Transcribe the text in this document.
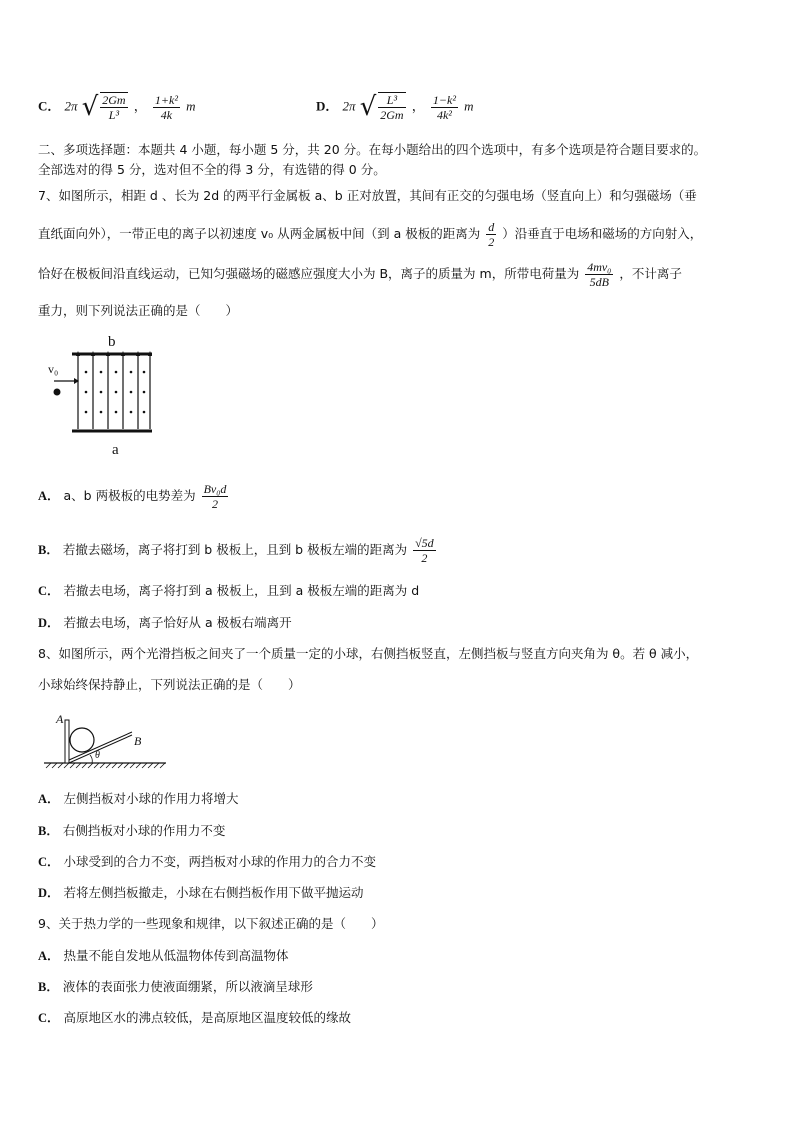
C． 2π √ $\frac{2Gm}{\text{L³}}$ ， $\frac{\text{1+k²}}{4k}$ m	D． 2π √ $\frac{\text{L³}}{2Gm}$ ， $\frac{\text{1−k²}}{\text{4k²}}$ m
二、多项选择题：本题共 4 小题，每小题 5 分，共 20 分。在每小题给出的四个选项中，有多个选项是符合题目要求的。
全部选对的得 5 分，选对但不全的得 3 分，有选错的得 0 分。
7、如图所示，相距 d 、长为 2d 的两平行金属板 a、b 正对放置，其间有正交的匀强电场（竖直向上）和匀强磁场（垂
直纸面向外），一带正电的离子以初速度 v₀ 从两金属板中间（到 a 极板的距离为 $\frac{d}{2}$ ）沿垂直于电场和磁场的方向射入，
恰好在极板间沿直线运动，已知匀强磁场的磁感应强度大小为 B，离子的质量为 m，所带电荷量为 $\frac{\text{4mv₀}}{5dB}$ ，不计离子
重力，则下列说法正确的是（　　）
b
v₀
a
A． a、b 两极板的电势差为 $\frac{\text{Bv₀d}}{2}$
B． 若撤去磁场，离子将打到 b 极板上，且到 b 极板左端的距离为 $\frac{√5d}{2}$
C． 若撤去电场，离子将打到 a 极板上，且到 a 极板左端的距离为 d
D． 若撤去电场，离子恰好从 a 极板右端离开
8、如图所示，两个光滑挡板之间夹了一个质量一定的小球，右侧挡板竖直，左侧挡板与竖直方向夹角为 θ。若 θ 减小，
小球始终保持静止，下列说法正确的是（　　）
A
B
θ
A． 左侧挡板对小球的作用力将增大
B． 右侧挡板对小球的作用力不变
C． 小球受到的合力不变，两挡板对小球的作用力的合力不变
D． 若将左侧挡板撤走，小球在右侧挡板作用下做平抛运动
9、关于热力学的一些现象和规律，以下叙述正确的是（　　）
A． 热量不能自发地从低温物体传到高温物体
B． 液体的表面张力使液面绷紧，所以液滴呈球形
C． 高原地区水的沸点较低，是高原地区温度较低的缘故
